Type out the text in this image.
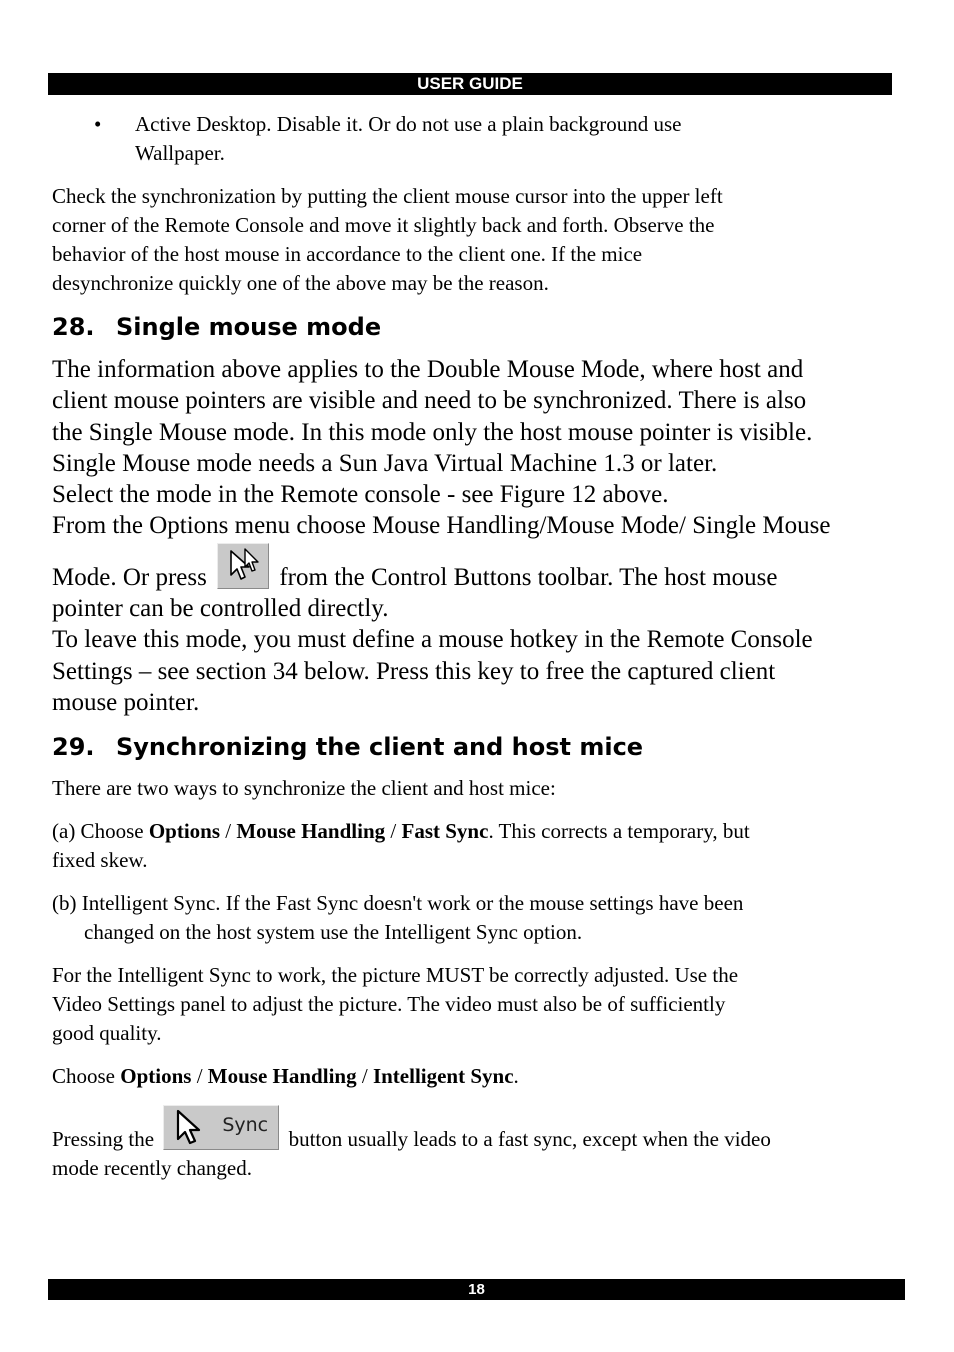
USER GUIDE

• Active Desktop. Disable it. Or do not use a plain background use
Wallpaper.

Check the synchronization by putting the client mouse cursor into the upper left
corner of the Remote Console and move it slightly back and forth. Observe the
behavior of the host mouse in accordance to the client one. If the mice
desynchronize quickly one of the above may be the reason.

28. Single mouse mode

The information above applies to the Double Mouse Mode, where host and
client mouse pointers are visible and need to be synchronized. There is also
the Single Mouse mode. In this mode only the host mouse pointer is visible.
Single Mouse mode needs a Sun Java Virtual Machine 1.3 or later.
Select the mode in the Remote console - see Figure 12 above.
From the Options menu choose Mouse Handling/Mouse Mode/ Single Mouse

Mode. Or press	from the Control Buttons toolbar. The host mouse
pointer can be controlled directly.
To leave this mode, you must define a mouse hotkey in the Remote Console
Settings – see section 34 below. Press this key to free the captured client
mouse pointer.

29. Synchronizing the client and host mice

There are two ways to synchronize the client and host mice:

(a) Choose Options / Mouse Handling / Fast Sync. This corrects a temporary, but
fixed skew.

(b) Intelligent Sync. If the Fast Sync doesn't work or the mouse settings have been
changed on the host system use the Intelligent Sync option.

For the Intelligent Sync to work, the picture MUST be correctly adjusted. Use the
Video Settings panel to adjust the picture. The video must also be of sufficiently
good quality.

Choose Options / Mouse Handling / Intelligent Sync.

Pressing the
Sync
button usually leads to a fast sync, except when the video
mode recently changed.

18
